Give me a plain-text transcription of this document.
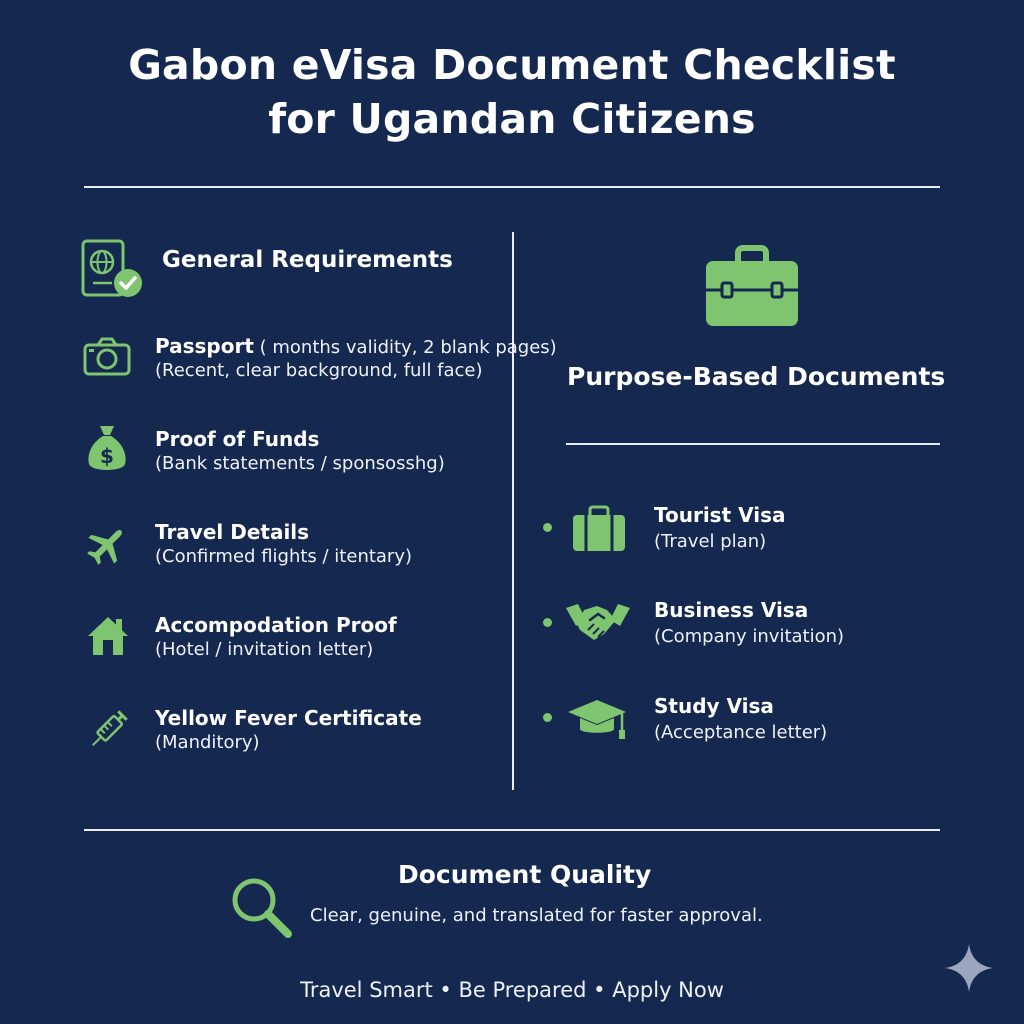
Gabon eVisa Document Checklist
for Ugandan Citizens
General Requirements
Passport ( months validity, 2 blank pages)
(Recent, clear background, full face)
$
Proof of Funds
(Bank statements / sponsosshg)
Travel Details
(Confirmed flights / itentary)
Accompodation Proof
(Hotel / invitation letter)
Yellow Fever Certificate
(Manditory)
Purpose-Based Documents
Tourist Visa
(Travel plan)
Business Visa
(Company invitation)
Study Visa
(Acceptance letter)
Document Quality
Clear, genuine, and translated for faster approval.
Travel Smart • Be Prepared • Apply Now
